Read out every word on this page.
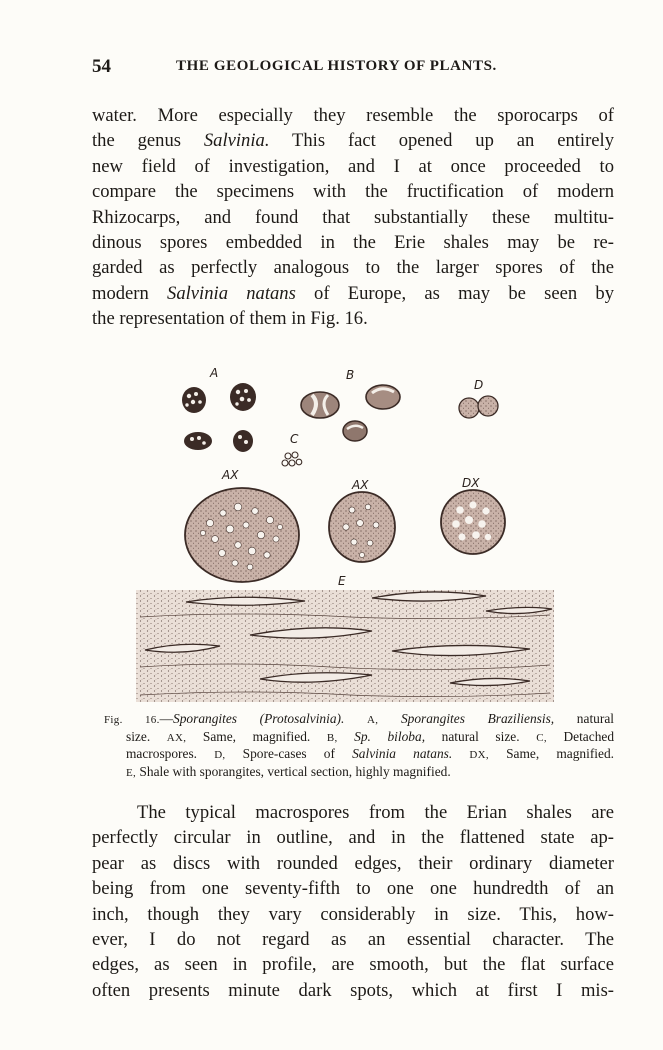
54	THE GEOLOGICAL HISTORY OF PLANTS.

water. More especially they resemble the sporocarps of
the genus Salvinia. This fact opened up an entirely
new field of investigation, and I at once proceeded to
compare the specimens with the fructification of modern
Rhizocarps, and found that substantially these multitu-
dinous spores embedded in the Erie shales may be re-
garded as perfectly analogous to the larger spores of the
modern Salvinia natans of Europe, as may be seen by
the representation of them in Fig. 16.

A	B
C
D
AX
AX	DX
E

Fig. 16.—Sporangites (Protosalvinia). A, Sporangites Braziliensis, natural
size. AX, Same, magnified. B, Sp. biloba, natural size. C, Detached
macrospores. D, Spore-cases of Salvinia natans. DX, Same, magnified.
E, Shale with sporangites, vertical section, highly magnified.

The typical macrospores from the Erian shales are
perfectly circular in outline, and in the flattened state ap-
pear as discs with rounded edges, their ordinary diameter
being from one seventy-fifth to one one hundredth of an
inch, though they vary considerably in size. This, how-
ever, I do not regard as an essential character. The
edges, as seen in profile, are smooth, but the flat surface
often presents minute dark spots, which at first I mis-
